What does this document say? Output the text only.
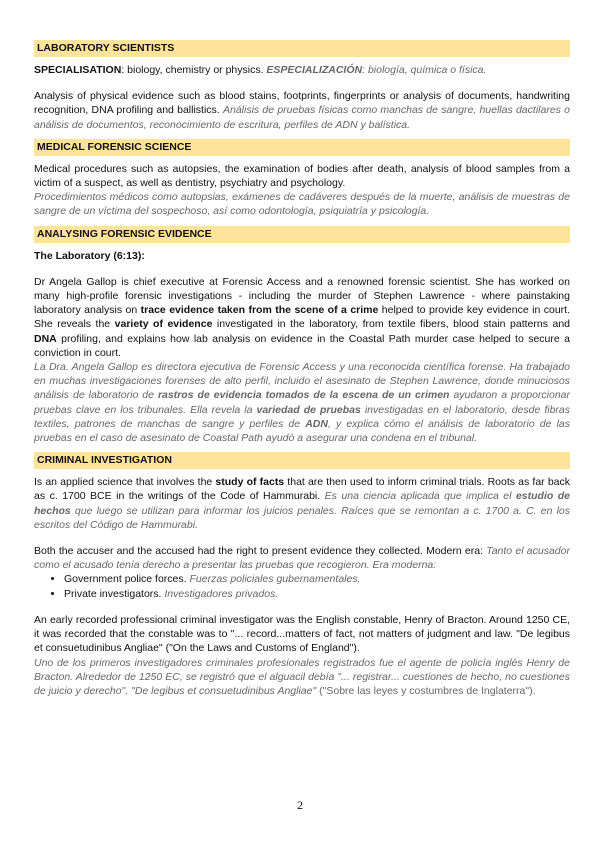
LABORATORY SCIENTISTS

SPECIALISATION: biology, chemistry or physics. ESPECIALIZACIÓN: biología, química o física.

Analysis of physical evidence such as blood stains, footprints, fingerprints or analysis of documents, handwriting recognition, DNA profiling and ballistics. Análisis de pruebas físicas como manchas de sangre, huellas dactilares o análisis de documentos, reconocimiento de escritura, perfiles de ADN y balística.

MEDICAL FORENSIC SCIENCE

Medical procedures such as autopsies, the examination of bodies after death, analysis of blood samples from a victim of a suspect, as well as dentistry, psychiatry and psychology.

Procedimientos médicos como autopsias, exámenes de cadáveres después de la muerte, análisis de muestras de sangre de un víctima del sospechoso, así como odontología, psiquiatría y psicología.

ANALYSING FORENSIC EVIDENCE

The Laboratory (6:13):

Dr Angela Gallop is chief executive at Forensic Access and a renowned forensic scientist. She has worked on many high-profile forensic investigations - including the murder of Stephen Lawrence - where painstaking laboratory analysis on trace evidence taken from the scene of a crime helped to provide key evidence in court. She reveals the variety of evidence investigated in the laboratory, from textile fibers, blood stain patterns and DNA profiling, and explains how lab analysis on evidence in the Coastal Path murder case helped to secure a conviction in court.

La Dra. Angela Gallop es directora ejecutiva de Forensic Access y una reconocida científica forense. Ha trabajado en muchas investigaciones forenses de alto perfil, incluido el asesinato de Stephen Lawrence, donde minuciosos análisis de laboratorio de rastros de evidencia tomados de la escena de un crimen ayudaron a proporcionar pruebas clave en los tribunales. Ella revela la variedad de pruebas investigadas en el laboratorio, desde fibras textiles, patrones de manchas de sangre y perfiles de ADN, y explica cómo el análisis de laboratorio de las pruebas en el caso de asesinato de Coastal Path ayudó a asegurar una condena en el tribunal.

CRIMINAL INVESTIGATION

Is an applied science that involves the study of facts that are then used to inform criminal trials. Roots as far back as c. 1700 BCE in the writings of the Code of Hammurabi. Es una ciencia aplicada que implica el estudio de hechos que luego se utilizan para informar los juicios penales. Raíces que se remontan a c. 1700 a. C. en los escritos del Código de Hammurabi.

Both the accuser and the accused had the right to present evidence they collected. Modern era: Tanto el acusador como el acusado tenía derecho a presentar las pruebas que recogieron. Era moderna:

• Government police forces. Fuerzas policiales gubernamentales.
• Private investigators. Investigadores privados.

An early recorded professional criminal investigator was the English constable, Henry of Bracton. Around 1250 CE, it was recorded that the constable was to "... record...matters of fact, not matters of judgment and law. "De legibus et consuetudinibus Angliae" ("On the Laws and Customs of England").

Uno de los primeros investigadores criminales profesionales registrados fue el agente de policía inglés Henry de Bracton. Alrededor de 1250 EC, se registró que el alguacil debía "... registrar... cuestiones de hecho, no cuestiones de juicio y derecho". "De legibus et consuetudinibus Angliae" ("Sobre las leyes y costumbres de Inglaterra").

2
